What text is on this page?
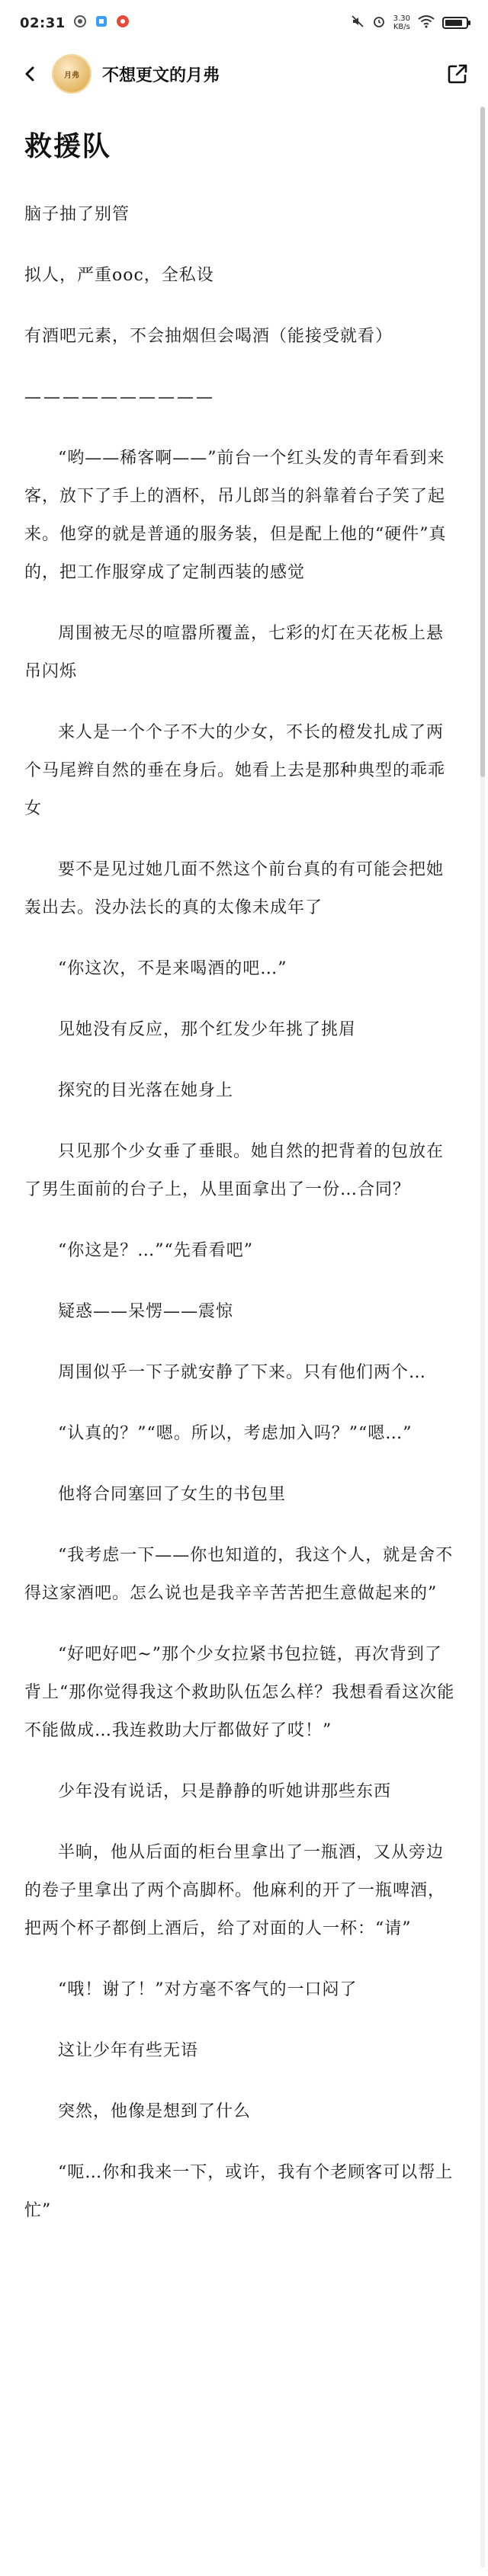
02:31	3.30
KB/s
月弗 不想更文的月弗
救援队

脑子抽了别管

拟人，严重ooc，全私设

有酒吧元素，不会抽烟但会喝酒（能接受就看）

——————————

“哟——稀客啊——”前台一个红头发的青年看到来客，放下了手上的酒杯，吊儿郎当的斜靠着台子笑了起来。他穿的就是普通的服务装，但是配上他的“硬件”真的，把工作服穿成了定制西装的感觉

周围被无尽的喧嚣所覆盖，七彩的灯在天花板上悬吊闪烁

来人是一个个子不大的少女，不长的橙发扎成了两个马尾辫自然的垂在身后。她看上去是那种典型的乖乖女

要不是见过她几面不然这个前台真的有可能会把她轰出去。没办法长的真的太像未成年了

“你这次，不是来喝酒的吧…”

见她没有反应，那个红发少年挑了挑眉

探究的目光落在她身上

只见那个少女垂了垂眼。她自然的把背着的包放在了男生面前的台子上，从里面拿出了一份…合同？

“你这是？…”“先看看吧”

疑惑——呆愣——震惊

周围似乎一下子就安静了下来。只有他们两个…

“认真的？”“嗯。所以，考虑加入吗？”“嗯…”

他将合同塞回了女生的书包里

“我考虑一下——你也知道的，我这个人，就是舍不得这家酒吧。怎么说也是我辛辛苦苦把生意做起来的”

“好吧好吧~”那个少女拉紧书包拉链，再次背到了背上“那你觉得我这个救助队伍怎么样？我想看看这次能不能做成…我连救助大厅都做好了哎！”

少年没有说话，只是静静的听她讲那些东西

半晌，他从后面的柜台里拿出了一瓶酒，又从旁边的卷子里拿出了两个高脚杯。他麻利的开了一瓶啤酒，把两个杯子都倒上酒后，给了对面的人一杯：“请”

“哦！谢了！”对方毫不客气的一口闷了

这让少年有些无语

突然，他像是想到了什么

“呃…你和我来一下，或许，我有个老顾客可以帮上忙”
